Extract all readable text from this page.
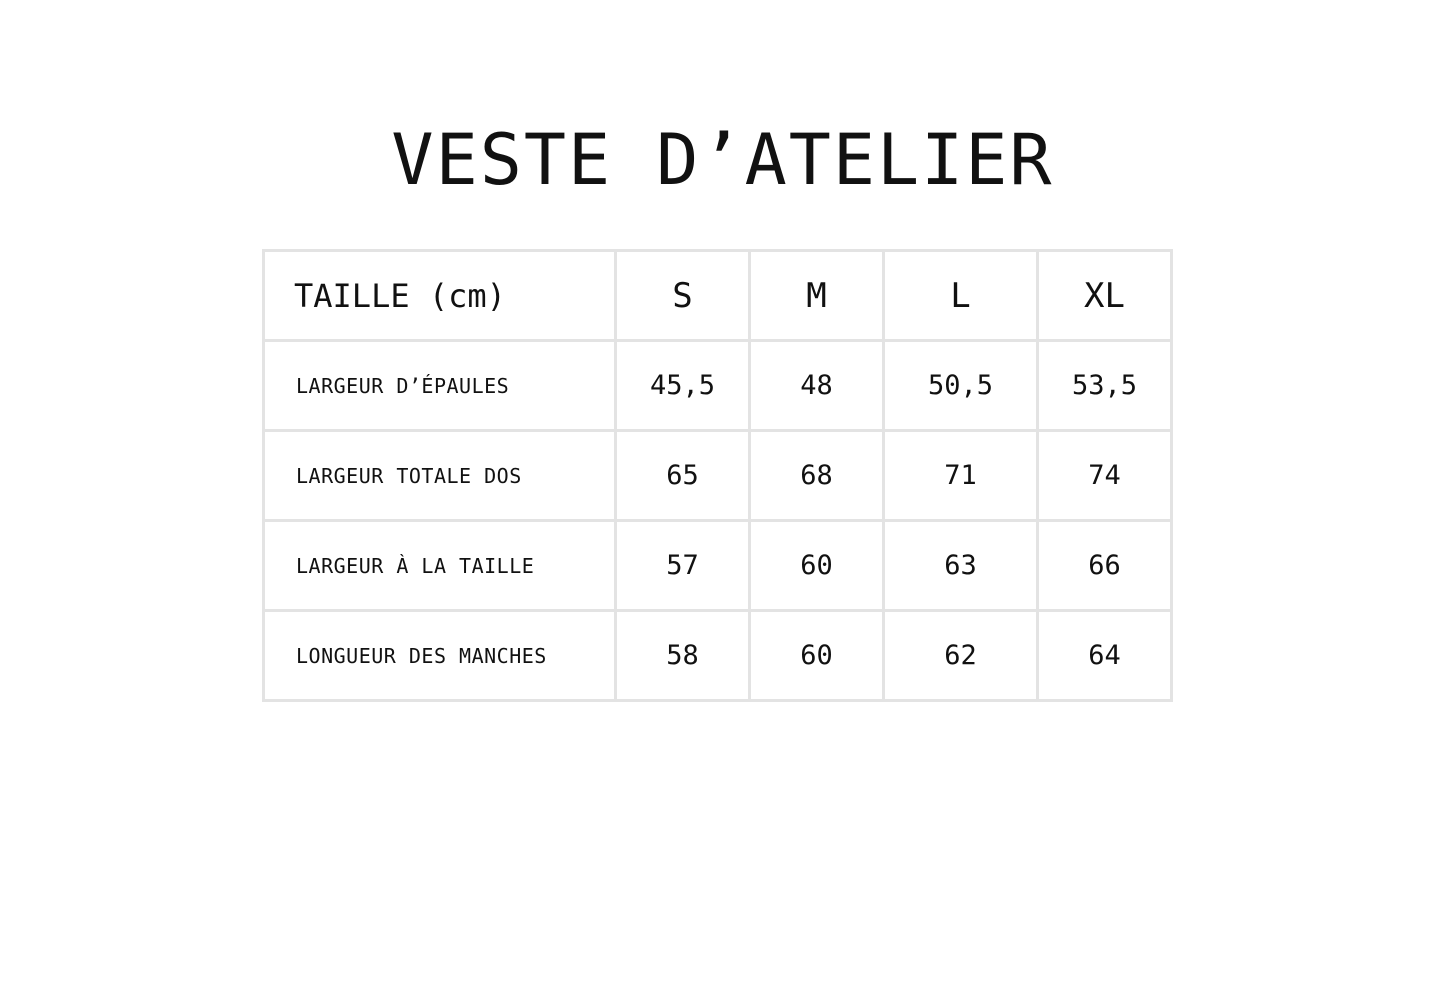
VESTE D’ATELIER
TAILLE (cm)	S	M	L	XL
LARGEUR D’ÉPAULES	45,5	48	50,5	53,5
LARGEUR TOTALE DOS	65	68	71	74
LARGEUR À LA TAILLE	57	60	63	66
LONGUEUR DES MANCHES	58	60	62	64
